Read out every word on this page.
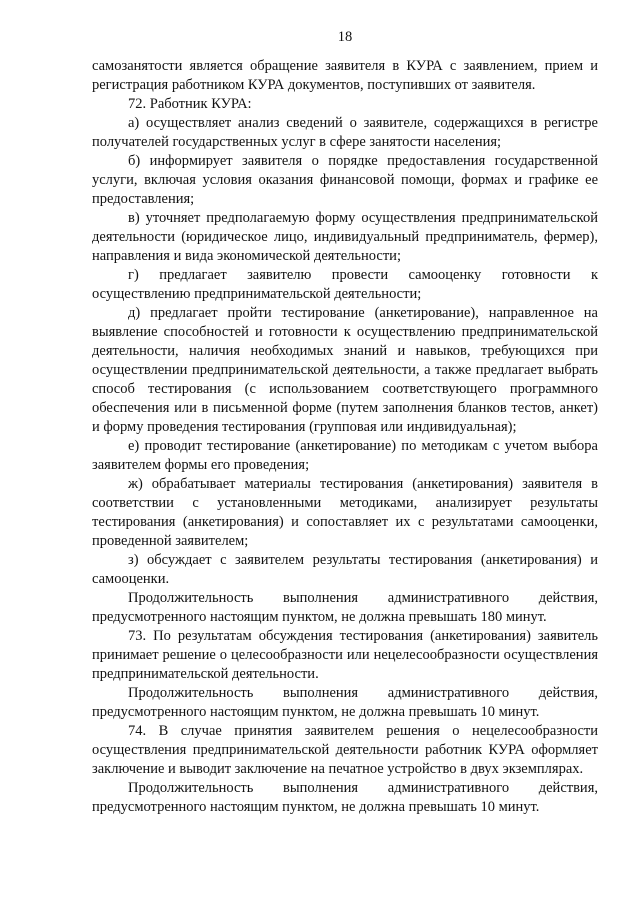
18

самозанятости является обращение заявителя в КУРА с заявлением, прием и регистрация работником КУРА документов, поступивших от заявителя.

72. Работник КУРА:

а) осуществляет анализ сведений о заявителе, содержащихся в регистре получателей государственных услуг в сфере занятости населения;

б) информирует заявителя о порядке предоставления государственной услуги, включая условия оказания финансовой помощи, формах и графике ее предоставления;

в) уточняет предполагаемую форму осуществления предпринимательской деятельности (юридическое лицо, индивидуальный предприниматель, фермер), направления и вида экономической деятельности;

г) предлагает заявителю провести самооценку готовности к осуществлению предпринимательской деятельности;

д) предлагает пройти тестирование (анкетирование), направленное на выявление способностей и готовности к осуществлению предпринимательской деятельности, наличия необходимых знаний и навыков, требующихся при осуществлении предпринимательской деятельности, а также предлагает выбрать способ тестирования (с использованием соответствующего программного обеспечения или в письменной форме (путем заполнения бланков тестов, анкет) и форму проведения тестирования (групповая или индивидуальная);

е) проводит тестирование (анкетирование) по методикам с учетом выбора заявителем формы его проведения;

ж) обрабатывает материалы тестирования (анкетирования) заявителя в соответствии с установленными методиками, анализирует результаты тестирования (анкетирования) и сопоставляет их с результатами самооценки, проведенной заявителем;

з) обсуждает с заявителем результаты тестирования (анкетирования) и самооценки.

Продолжительность выполнения административного действия, предусмотренного настоящим пунктом, не должна превышать 180 минут.

73. По результатам обсуждения тестирования (анкетирования) заявитель принимает решение о целесообразности или нецелесообразности осуществления предпринимательской деятельности.

Продолжительность выполнения административного действия, предусмотренного настоящим пунктом, не должна превышать 10 минут.

74. В случае принятия заявителем решения о нецелесообразности осуществления предпринимательской деятельности работник КУРА оформляет заключение и выводит заключение на печатное устройство в двух экземплярах.

Продолжительность выполнения административного действия, предусмотренного настоящим пунктом, не должна превышать 10 минут.
